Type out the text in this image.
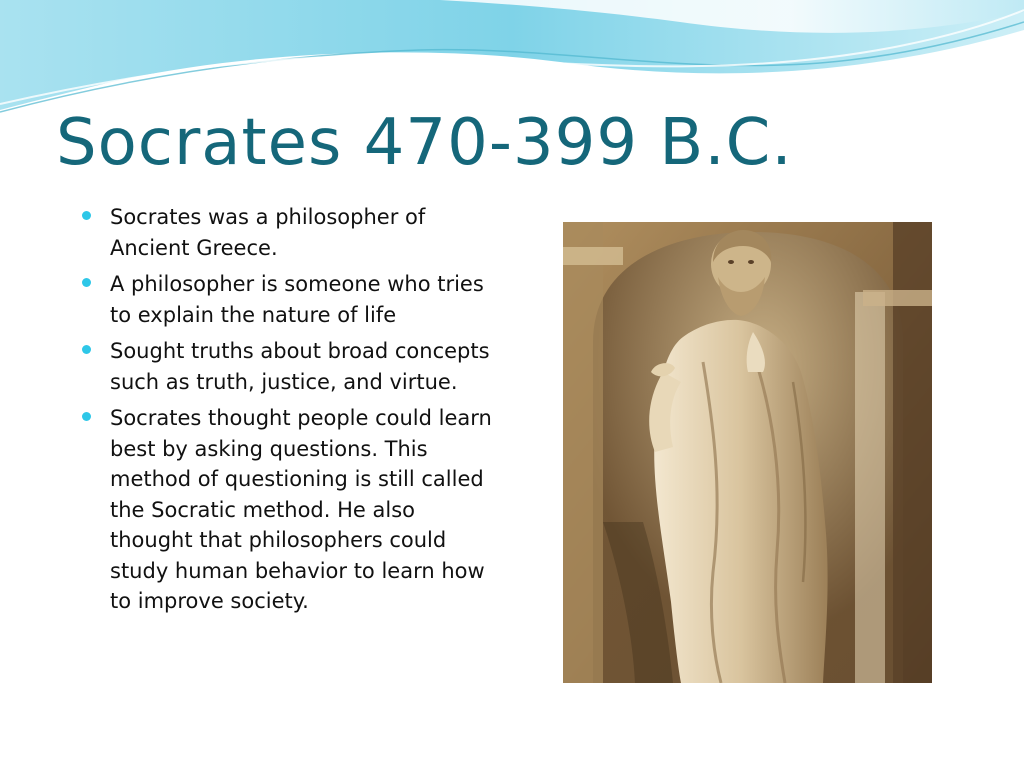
Socrates 470-399 B.C.
Socrates was a philosopher of Ancient Greece.
A philosopher is someone who tries to explain the nature of life
Sought truths about broad concepts such as truth, justice, and virtue.
Socrates thought people could learn best by asking questions. This method of questioning is still called the Socratic method. He also thought that philosophers could study human behavior to learn how to improve society.
